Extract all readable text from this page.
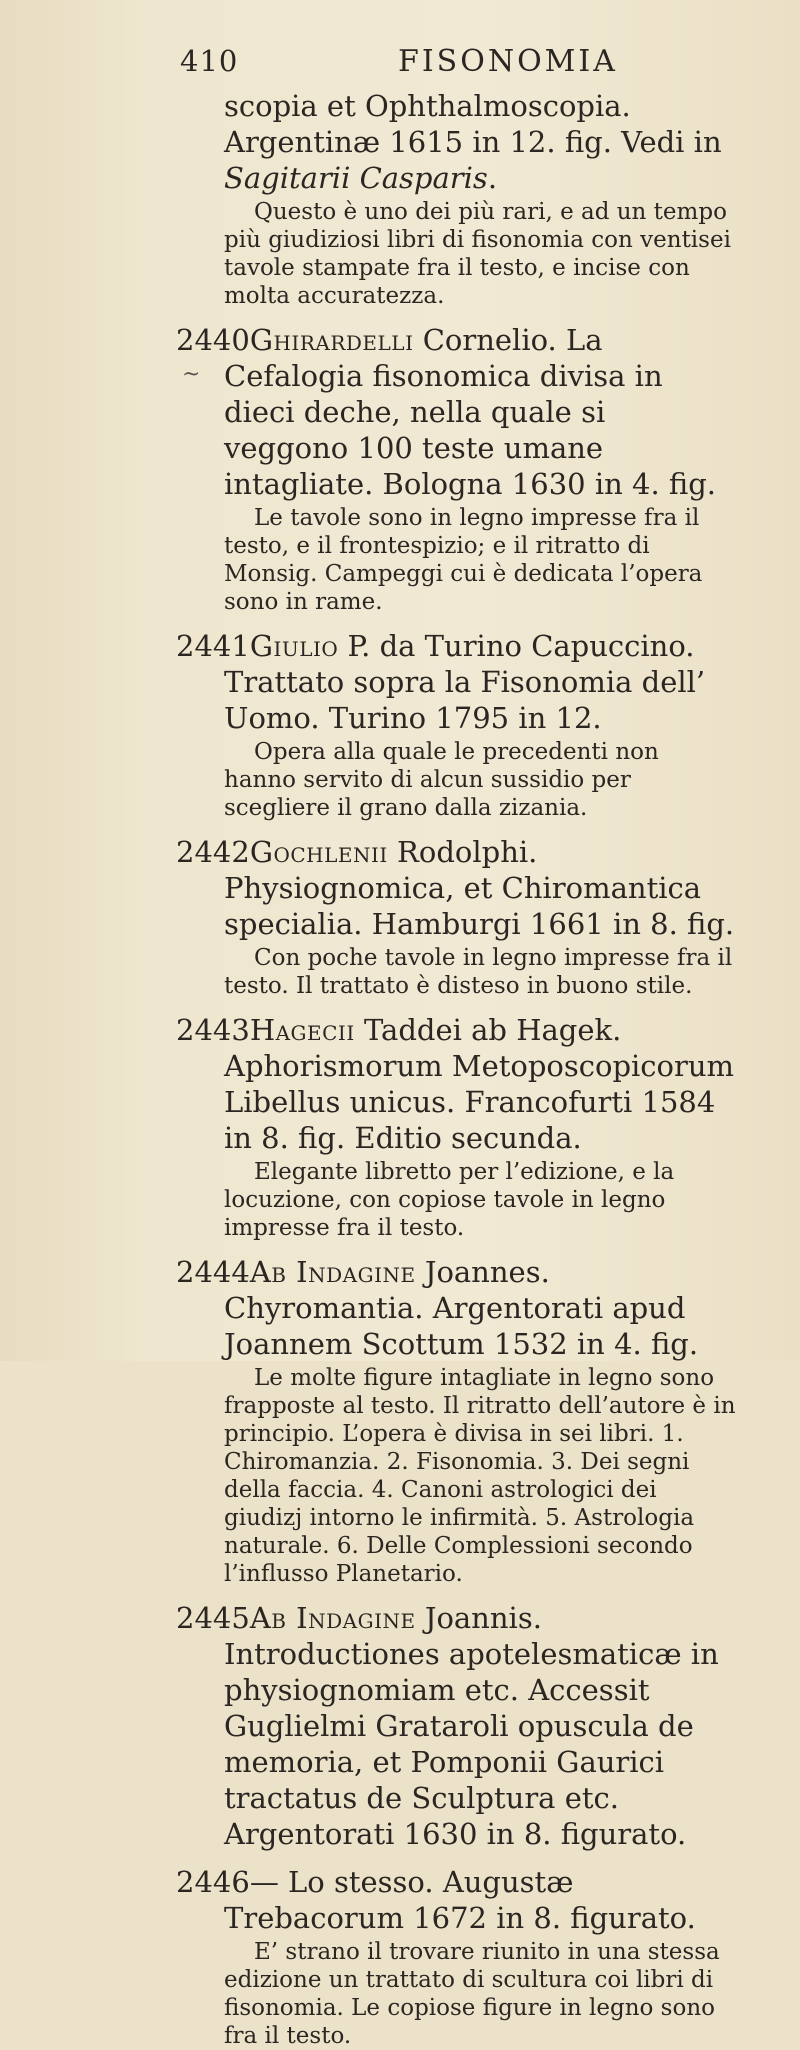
410	FISONOMIA

scopia et Ophthalmoscopia. Argentinæ 1615 in 12. fig. Vedi in Sagitarii Casparis.

Questo è uno dei più rari, e ad un tempo più giudiziosi libri di fisonomia con ventisei tavole stampate fra il testo, e incise con molta accuratezza.

2440Ghirardelli Cornelio. La Cefalogia fisonomica divisa in dieci deche, nella quale si veggono 100 teste umane intagliate. Bologna 1630 in 4. fig.

~

Le tavole sono in legno impresse fra il testo, e il frontespizio; e il ritratto di Monsig. Campeggi cui è dedicata l’opera sono in rame.

2441Giulio P. da Turino Capuccino. Trattato sopra la Fisonomia dell’ Uomo. Turino 1795 in 12.

Opera alla quale le precedenti non hanno servito di alcun sussidio per scegliere il grano dalla zizania.

2442Gochlenii Rodolphi. Physiognomica, et Chiromantica specialia. Hamburgi 1661 in 8. fig.

Con poche tavole in legno impresse fra il testo. Il trattato è disteso in buono stile.

2443Hagecii Taddei ab Hagek. Aphorismorum Metoposcopicorum Libellus unicus. Francofurti 1584 in 8. fig. Editio secunda.

Elegante libretto per l’edizione, e la locuzione, con copiose tavole in legno impresse fra il testo.

2444Ab Indagine Joannes. Chyromantia. Argentorati apud Joannem Scottum 1532 in 4. fig.

Le molte figure intagliate in legno sono frapposte al testo. Il ritratto dell’autore è in principio. L’opera è divisa in sei libri. 1. Chiromanzia. 2. Fisonomia. 3. Dei segni della faccia. 4. Canoni astrologici dei giudizj intorno le infirmità. 5. Astrologia naturale. 6. Delle Complessioni secondo l’influsso Planetario.

2445Ab Indagine Joannis. Introductiones apotelesmaticæ in physiognomiam etc. Accessit Guglielmi Grataroli opuscula de memoria, et Pomponii Gaurici tractatus de Sculptura etc. Argentorati 1630 in 8. figurato.

2446— Lo stesso. Augustæ Trebacorum 1672 in 8. figurato.

E’ strano il trovare riunito in una stessa edizione un trattato di scultura coi libri di fisonomia. Le copiose figure in legno sono fra il testo.
